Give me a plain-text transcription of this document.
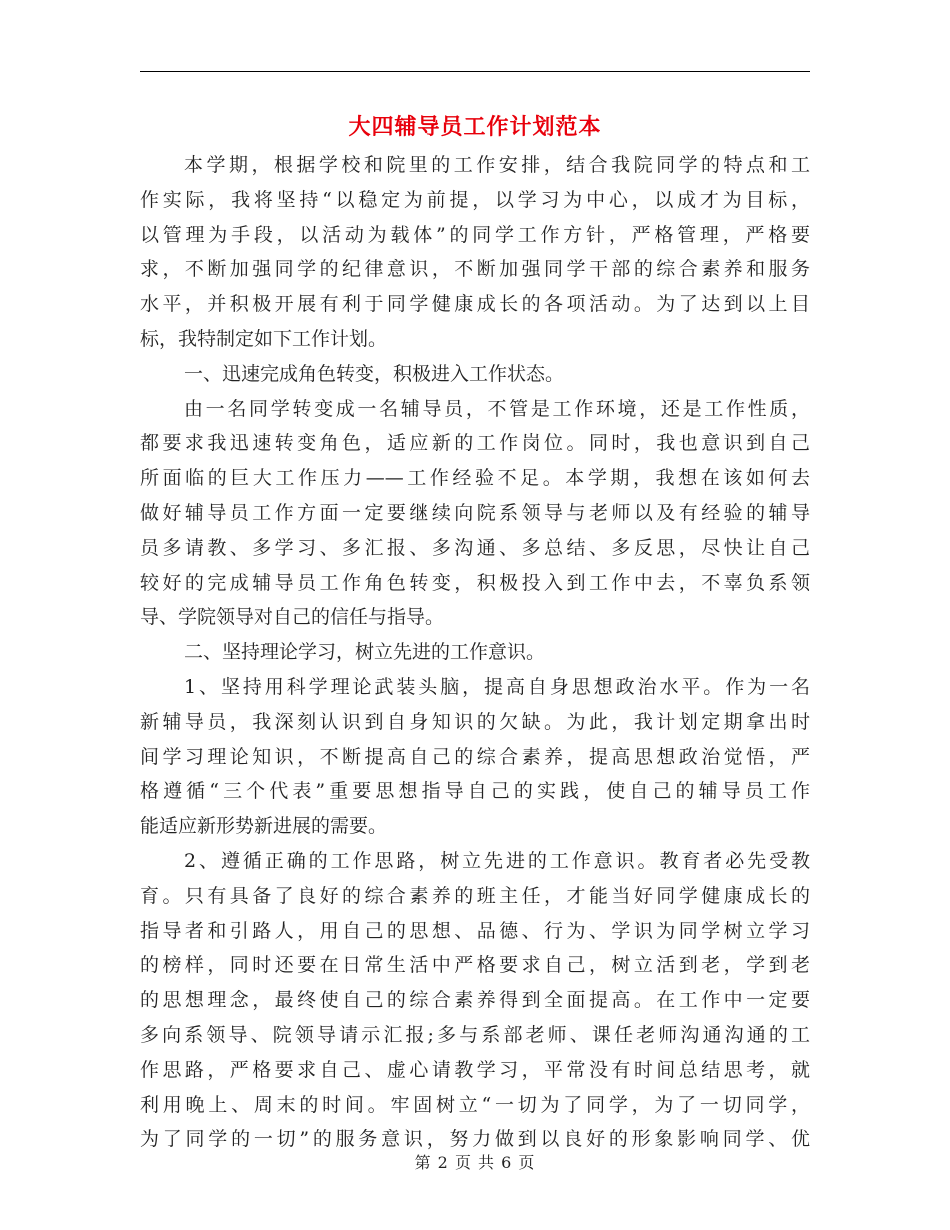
大四辅导员工作计划范本
本学期，根据学校和院里的工作安排，结合我院同学的特点和工
作实际，我将坚持“以稳定为前提，以学习为中心，以成才为目标，
以管理为手段，以活动为载体”的同学工作方针，严格管理，严格要
求，不断加强同学的纪律意识，不断加强同学干部的综合素养和服务
水平，并积极开展有利于同学健康成长的各项活动。为了达到以上目
标，我特制定如下工作计划。
一、迅速完成角色转变，积极进入工作状态。
由一名同学转变成一名辅导员，不管是工作环境，还是工作性质，
都要求我迅速转变角色，适应新的工作岗位。同时，我也意识到自己
所面临的巨大工作压力——工作经验不足。本学期，我想在该如何去
做好辅导员工作方面一定要继续向院系领导与老师以及有经验的辅导
员多请教、多学习、多汇报、多沟通、多总结、多反思，尽快让自己
较好的完成辅导员工作角色转变，积极投入到工作中去，不辜负系领
导、学院领导对自己的信任与指导。
二、坚持理论学习，树立先进的工作意识。
1、坚持用科学理论武装头脑，提高自身思想政治水平。作为一名
新辅导员，我深刻认识到自身知识的欠缺。为此，我计划定期拿出时
间学习理论知识，不断提高自己的综合素养，提高思想政治觉悟，严
格遵循“三个代表”重要思想指导自己的实践，使自己的辅导员工作
能适应新形势新进展的需要。
2、遵循正确的工作思路，树立先进的工作意识。教育者必先受教
育。只有具备了良好的综合素养的班主任，才能当好同学健康成长的
指导者和引路人，用自己的思想、品德、行为、学识为同学树立学习
的榜样，同时还要在日常生活中严格要求自己，树立活到老，学到老
的思想理念，最终使自己的综合素养得到全面提高。在工作中一定要
多向系领导、院领导请示汇报;多与系部老师、课任老师沟通沟通的工
作思路，严格要求自己、虚心请教学习，平常没有时间总结思考，就
利用晚上、周末的时间。牢固树立“一切为了同学，为了一切同学，
为了同学的一切”的服务意识，努力做到以良好的形象影响同学、优
第 2 页 共 6 页
